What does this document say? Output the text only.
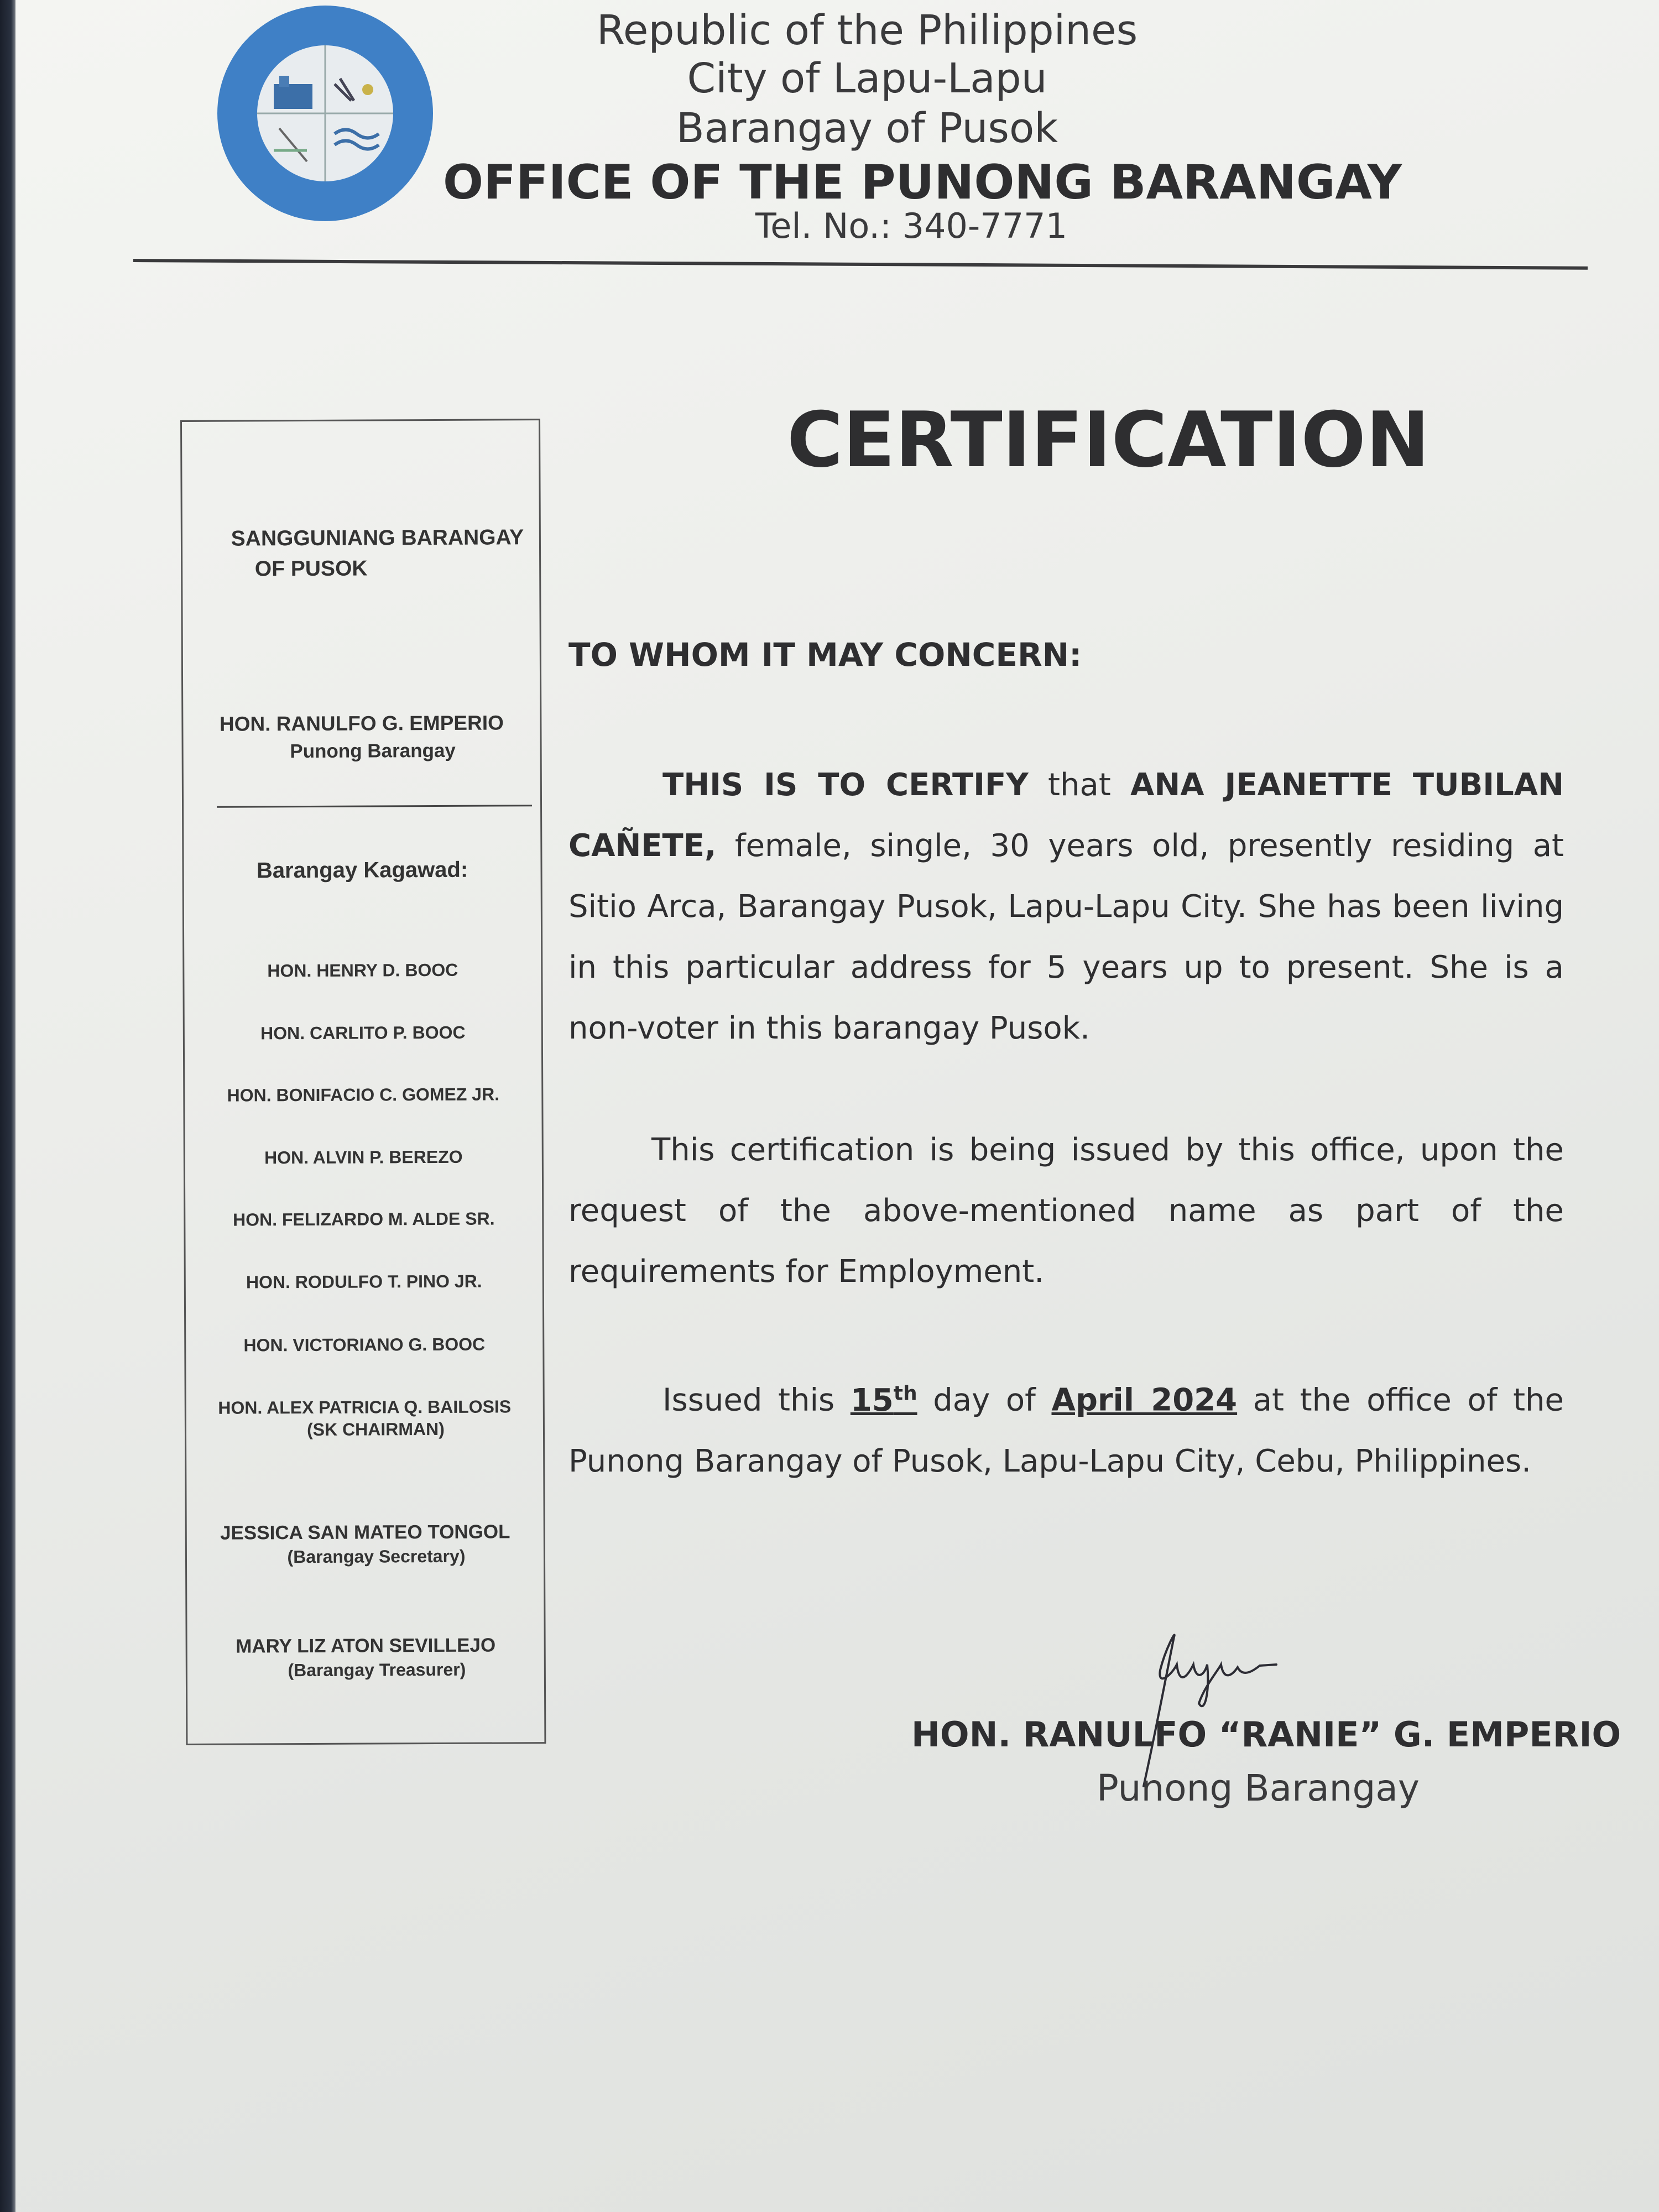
Republic of the Philippines
City of Lapu-Lapu
Barangay of Pusok
OFFICE OF THE PUNONG BARANGAY
Tel. No.: 340-7771
CERTIFICATION
SANGGUNIANG BARANGAY
OF PUSOK
HON. RANULFO G. EMPERIO
Punong Barangay
Barangay Kagawad:
HON. HENRY D. BOOC
HON. CARLITO P. BOOC
HON. BONIFACIO C. GOMEZ JR.
HON. ALVIN P. BEREZO
HON. FELIZARDO M. ALDE SR.
HON. RODULFO T. PINO JR.
HON. VICTORIANO G. BOOC
HON. ALEX PATRICIA Q. BAILOSIS
(SK CHAIRMAN)
JESSICA SAN MATEO TONGOL
(Barangay Secretary)
MARY LIZ ATON SEVILLEJO
(Barangay Treasurer)
TO WHOM IT MAY CONCERN:
THIS IS TO CERTIFY that ANA JEANETTE TUBILAN CAÑETE, female, single, 30 years old, presently residing at Sitio Arca, Barangay Pusok, Lapu-Lapu City. She has been living in this particular address for 5 years up to present. She is a non-voter in this barangay Pusok.
This certification is being issued by this office, upon the request of the above-mentioned name as part of the requirements for Employment.
Issued this 15th day of April 2024 at the office of the Punong Barangay of Pusok, Lapu-Lapu City, Cebu, Philippines.
HON. RANULFO “RANIE” G. EMPERIO
Punong Barangay
